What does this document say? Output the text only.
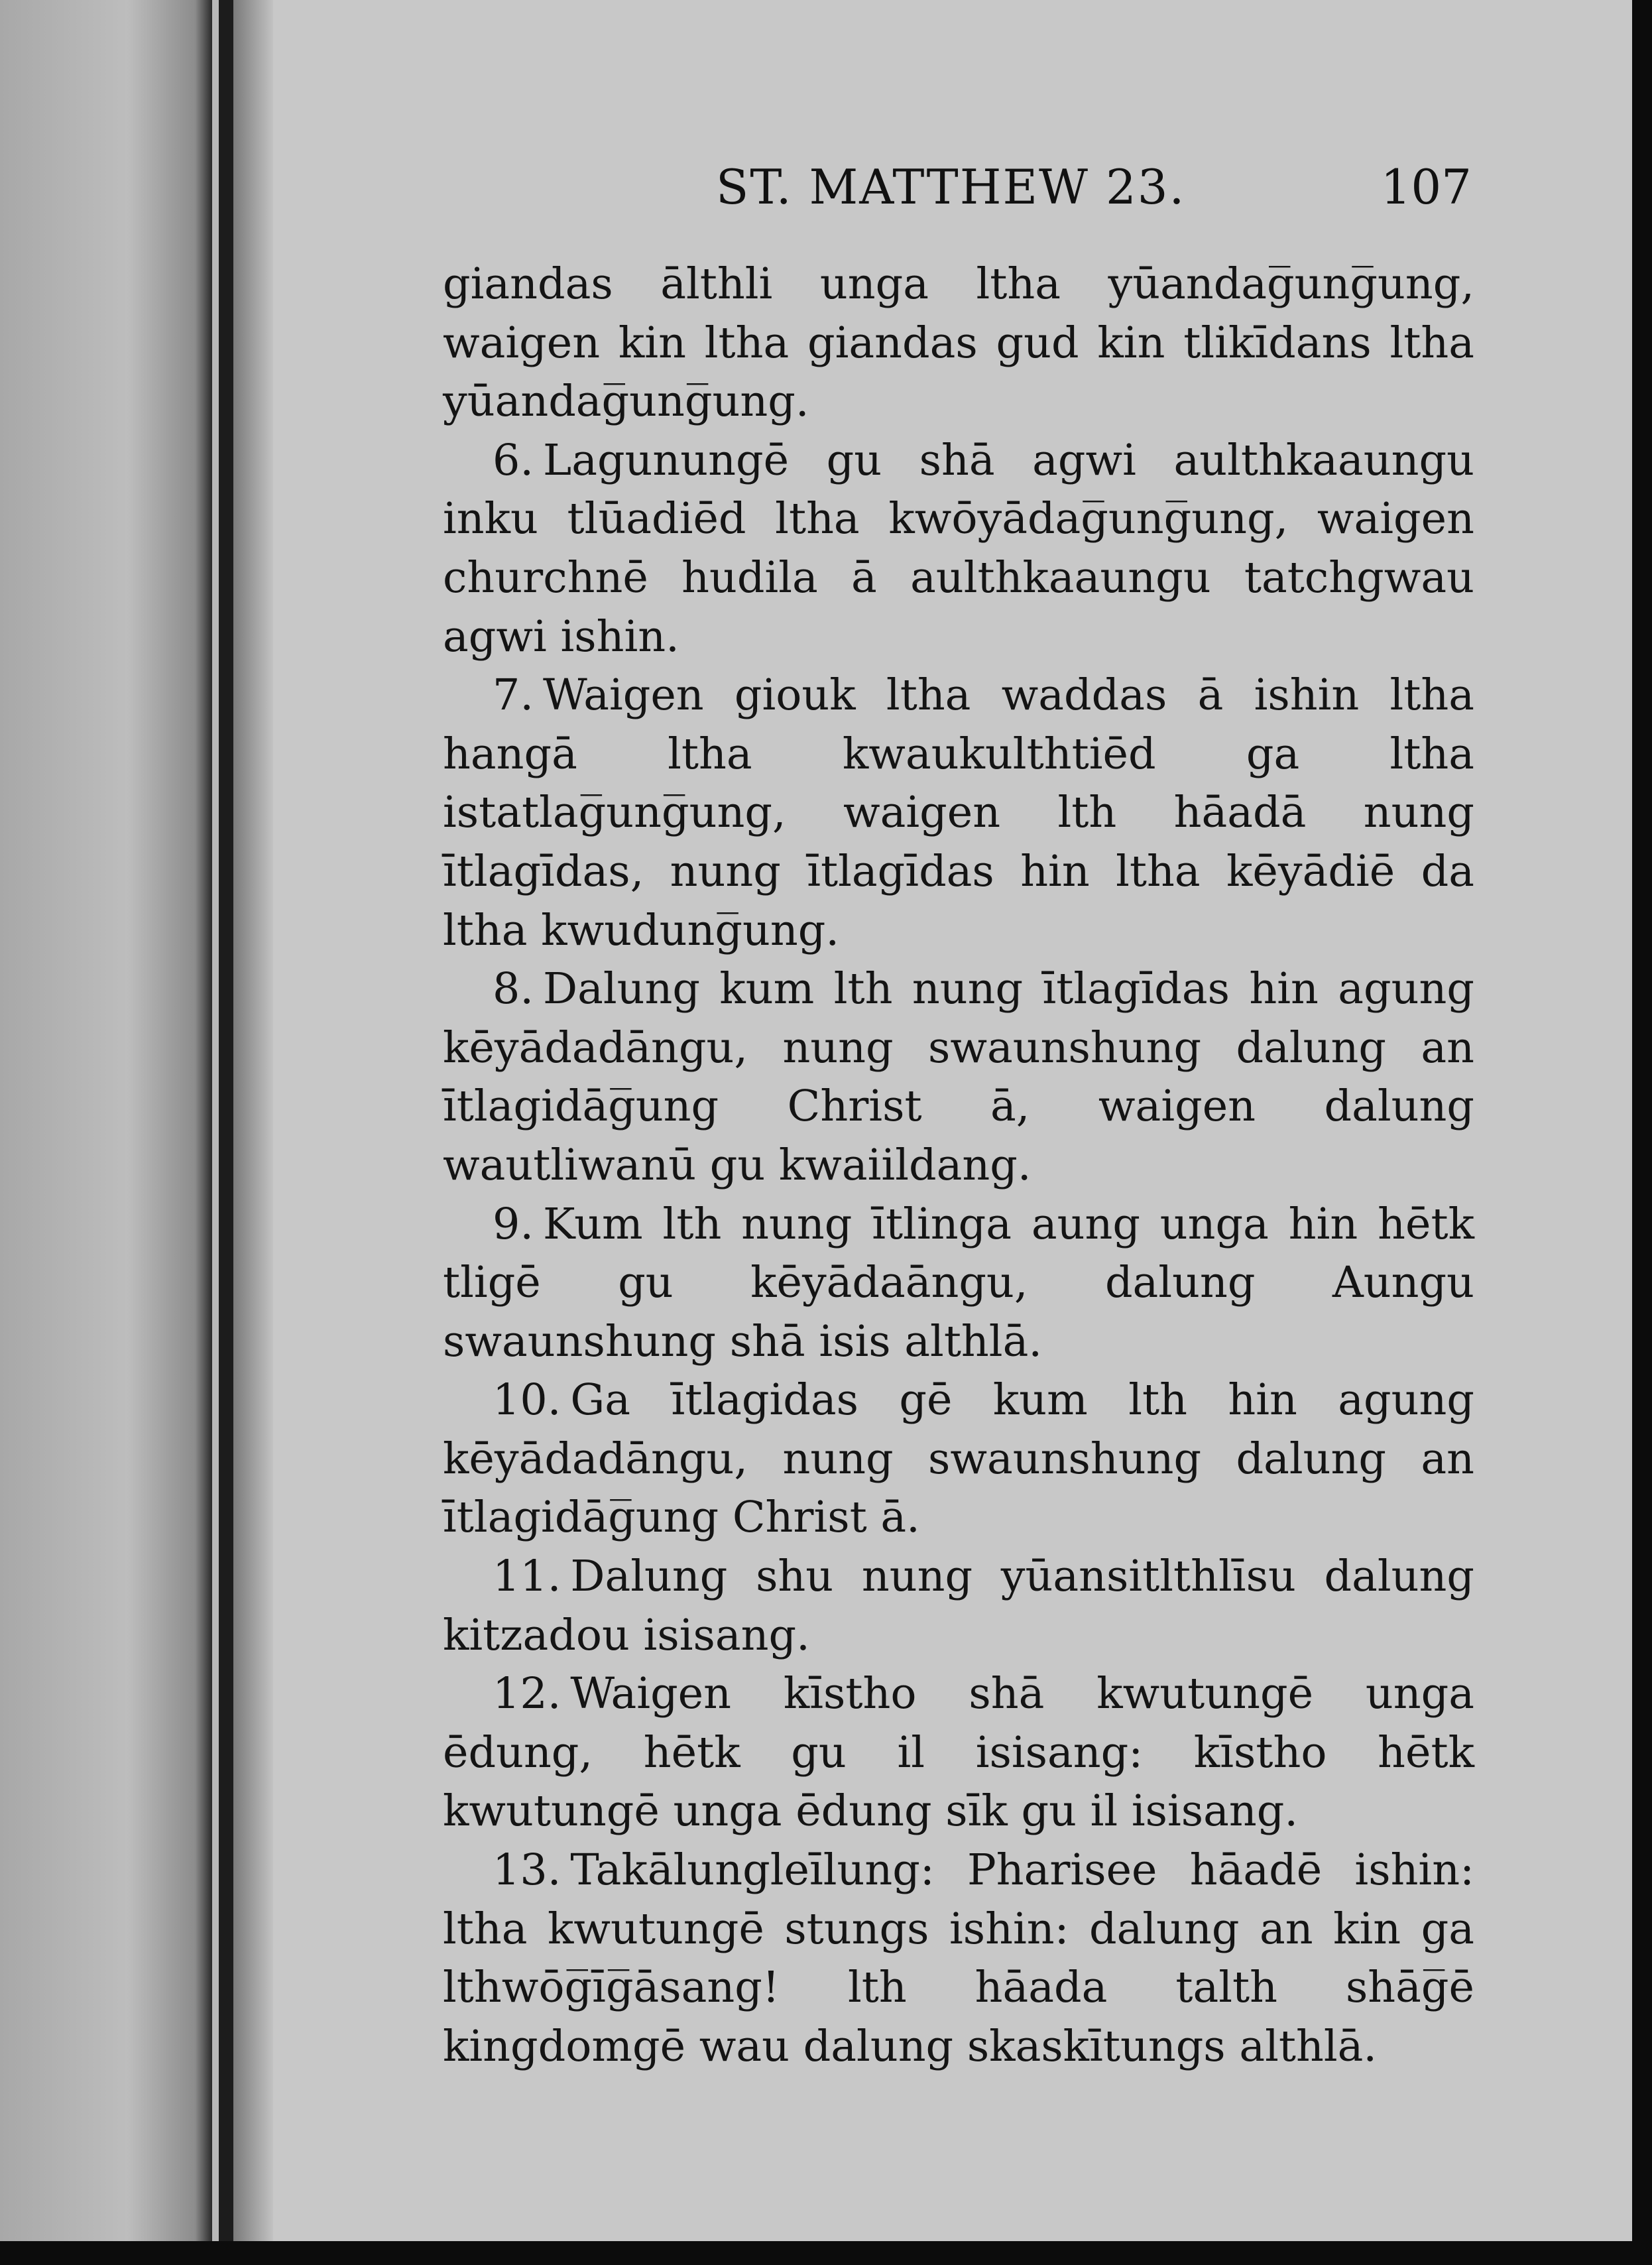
ST. MATTHEW 23.	107

giandas ālthli unga ltha yūandag̅ung̅ung, waigen kin ltha giandas gud kin tlikīdans ltha yūandag̅ung̅ung.

6. Lagunungē gu shā agwi aulthkaaungu inku tlūadiēd ltha kwōyādag̅ung̅ung, waigen churchnē hudila ā aulthkaaungu tatchgwau agwi ishin.

7. Waigen giouk ltha waddas ā ishin ltha hangā ltha kwaukulthtiēd ga ltha istatlag̅ung̅ung, waigen lth hāadā nung ītlagīdas, nung ītlagīdas hin ltha kēyādiē da ltha kwudung̅ung.

8. Dalung kum lth nung ītlagīdas hin agung kēyādadāngu, nung swaunshung dalung an ītlagidāg̅ung Christ ā, waigen dalung wautliwanū gu kwaiildang.

9. Kum lth nung ītlinga aung unga hin hētk tligē gu kēyādaāngu, dalung Aungu swaunshung shā isis althlā.

10. Ga ītlagidas gē kum lth hin agung kēyādadāngu, nung swaunshung dalung an ītlagidāg̅ung Christ ā.

11. Dalung shu nung yūansitlthlīsu dalung kitzadou isisang.

12. Waigen kīstho shā kwutungē unga ēdung, hētk gu il isisang: kīstho hētk kwutungē unga ēdung sīk gu il isisang.

13. Takālungleīlung: Pharisee hāadē ishin: ltha kwutungē stungs ishin: dalung an kin ga lthwōg̅īg̅āsang! lth hāada talth shāg̅ē kingdomgē wau dalung skaskītungs althlā.
